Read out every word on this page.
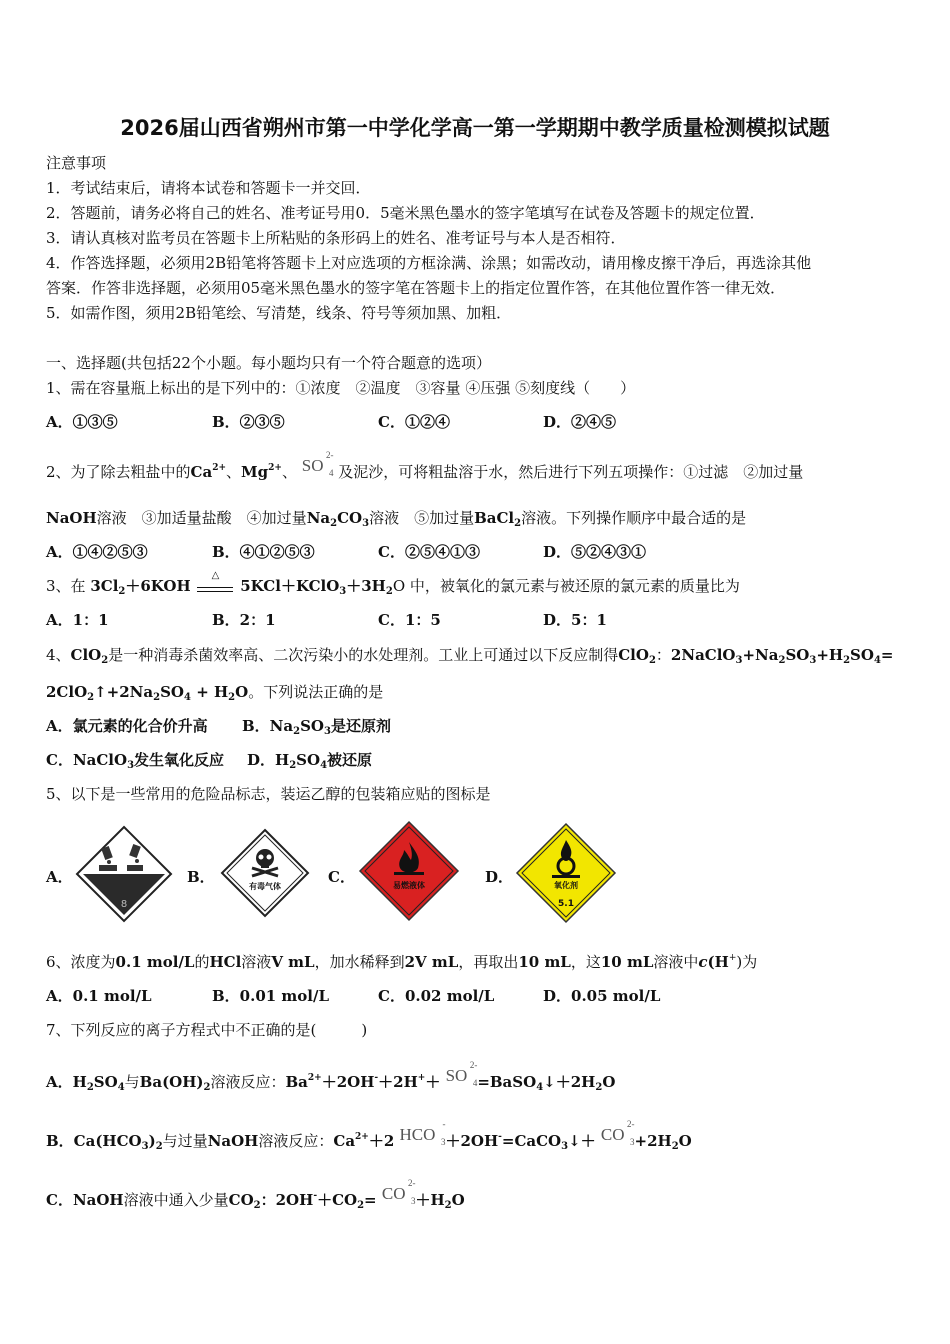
2026届山西省朔州市第一中学化学高一第一学期期中教学质量检测模拟试题
注意事项
1．考试结束后，请将本试卷和答题卡一并交回．
2．答题前，请务必将自己的姓名、准考证号用0．5毫米黑色墨水的签字笔填写在试卷及答题卡的规定位置．
3．请认真核对监考员在答题卡上所粘贴的条形码上的姓名、准考证号与本人是否相符．
4．作答选择题，必须用2B铅笔将答题卡上对应选项的方框涂满、涂黑；如需改动，请用橡皮擦干净后，再选涂其他
答案．作答非选择题，必须用05毫米黑色墨水的签字笔在答题卡上的指定位置作答，在其他位置作答一律无效．
5．如需作图，须用2B铅笔绘、写清楚，线条、符号等须加黑、加粗．
一、选择题(共包括22个小题。每小题均只有一个符合题意的选项）
1、需在容量瓶上标出的是下列中的：①浓度　②温度　③容量 ④压强 ⑤刻度线（　　）
A．①③⑤	B．②③⑤	C．①②④	D．②④⑤
2、为了除去粗盐中的$Ca^{2+}$、$Mg^{2+}$、 SO
2-
4 及泥沙，可将粗盐溶于水，然后进行下列五项操作：①过滤　②加过量
NaOH溶液　③加适量盐酸　④加过量$Na_2CO_3$溶液　⑤加过量BaCl$_2$溶液。下列操作顺序中最合适的是
A．①④②⑤③	B．④①②⑤③	C．②⑤④①③	D．⑤②④③①
3、在 $3Cl_2+6KOH$
△
$5KCl+KClO_3+3H_2O$ 中，被氧化的氯元素与被还原的氯元素的质量比为
A．1：1	B．2：1	C．1：5	D．5：1
4、ClO$_2$是一种消毒杀菌效率高、二次污染小的水处理剂。工业上可通过以下反应制得ClO$_2$：$2NaClO_3+Na_2SO_3+H_2SO_4=$
$2ClO_2↑+2Na_2SO_4 + H_2O$。下列说法正确的是
A．氯元素的化合价升高 B．$Na_2SO_3$是还原剂
C．NaClO$_3$发生氧化反应 D．$H_2SO_4$被还原
5、以下是一些常用的危险品标志，装运乙醇的包装箱应贴的图标是
A．	B．	C．	D．
8
有毒气体	易燃液体	氧化剂
5.1
6、浓度为0.1 mol/L的HCl溶液V mL，加水稀释到2V mL，再取出10 mL，这10 mL溶液中c(H+)为
A．0.1 mol/L	B．0.01 mol/L	C．0.02 mol/L	D．0.05 mol/L
7、下列反应的离子方程式中不正确的是(　　　)
A．$H_2SO_4$与$Ba(OH)_2$溶液反应：$Ba^{2+}+2OH^-+2H^++$ SO
2-
$4 =BaSO_4↓+2H_2O$
B．$Ca(HCO_3)_2$与过量NaOH溶液反应：$Ca^{2+}+2$ HCO
-
3 ＋2OH-=CaCO$_3$↓＋ CO
2-
$3 +2H_2O$
C．NaOH溶液中通入少量$CO_2$：$2OH^-+CO_2=$ CO
2-
$3 +H_2O$
